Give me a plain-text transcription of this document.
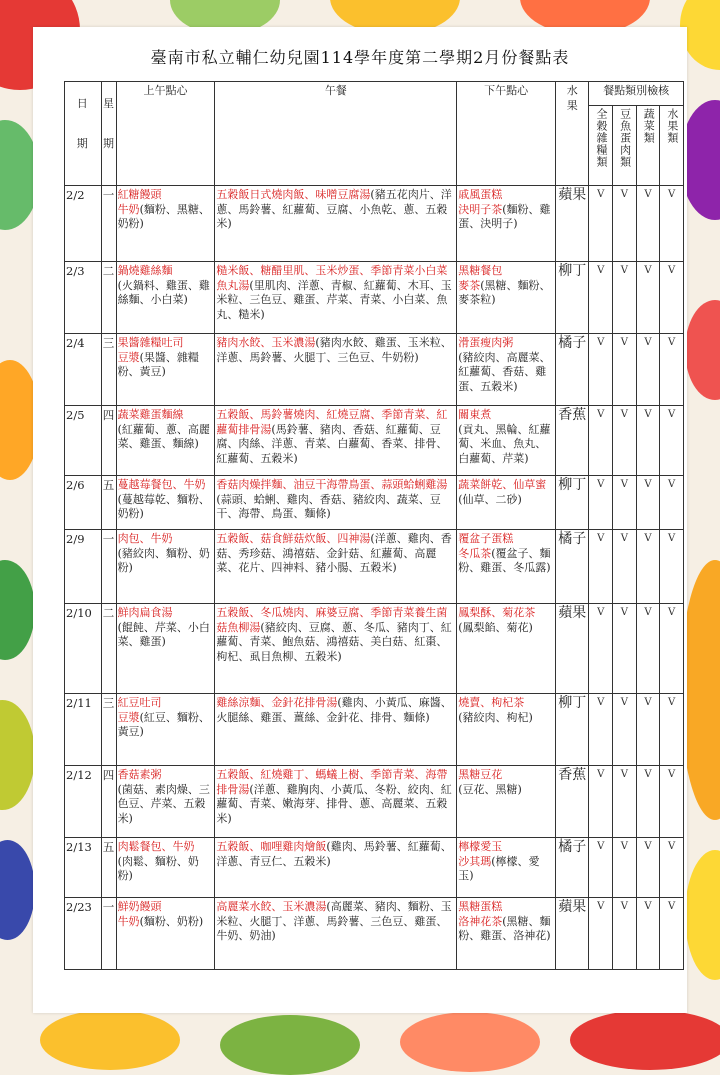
臺南市私立輔仁幼兒園114學年度第二學期2月份餐點表
日期	星期	上午點心	午餐	下午點心	水果	餐點類別檢核			
						全穀雜糧類	豆魚蛋肉類	蔬菜類	水果類
2/2	一	紅糖饅頭
牛奶(麵粉、黑糖、奶粉)	五穀飯日式燒肉飯、味噌豆腐湯(豬五花肉片、洋蔥、馬鈴薯、紅蘿蔔、豆腐、小魚乾、蔥、五穀米)	戚風蛋糕
決明子茶(麵粉、雞蛋、決明子)	蘋果	V	V	V	V
2/3	二	鍋燒雞絲麵
(火鍋料、雞蛋、雞絲麵、小白菜)	糙米飯、糖醋里肌、玉米炒蛋、季節青菜小白菜魚丸湯(里肌肉、洋蔥、青椒、紅蘿蔔、木耳、玉米粒、三色豆、雞蛋、芹菜、青菜、小白菜、魚丸、糙米)	黑糖餐包
麥茶(黑糖、麵粉、麥茶粒)	柳丁	V	V	V	V
2/4	三	果醬雜糧吐司
豆漿(果醬、雜糧粉、黃豆)	豬肉水餃、玉米濃湯(豬肉水餃、雞蛋、玉米粒、洋蔥、馬鈴薯、火腿丁、三色豆、牛奶粉)	滑蛋瘦肉粥
(豬絞肉、高麗菜、紅蘿蔔、香菇、雞蛋、五穀米)	橘子	V	V	V	V
2/5	四	蔬菜雞蛋麵線
(紅蘿蔔、蔥、高麗菜、雞蛋、麵線)	五穀飯、馬鈴薯燒肉、紅燒豆腐、季節青菜、紅蘿蔔排骨湯(馬鈴薯、豬肉、香菇、紅蘿蔔、豆腐、肉絲、洋蔥、青菜、白蘿蔔、香菜、排骨、紅蘿蔔、五穀米)	關東煮
(貢丸、黑輪、紅蘿蔔、米血、魚丸、白蘿蔔、芹菜)	香蕉	V	V	V	V
2/6	五	蔓越莓餐包、牛奶
(蔓越莓乾、麵粉、奶粉)	香菇肉燥拌麵、油豆干海帶鳥蛋、蒜頭蛤蜊雞湯(蒜頭、蛤蜊、雞肉、香菇、豬絞肉、蔬菜、豆干、海帶、鳥蛋、麵條)	蔬菜餅乾、仙草蜜
(仙草、二砂)	柳丁	V	V	V	V
2/9	一	肉包、牛奶
(豬絞肉、麵粉、奶粉)	五穀飯、菇食鮮菇炊飯、四神湯(洋蔥、雞肉、香菇、秀珍菇、鴻禧菇、金針菇、紅蘿蔔、高麗菜、花片、四神料、豬小腸、五穀米)	覆盆子蛋糕
冬瓜茶(覆盆子、麵粉、雞蛋、冬瓜露)	橘子	V	V	V	V
2/10	二	鮮肉扁食湯
(餛飩、芹菜、小白菜、雞蛋)	五穀飯、冬瓜燒肉、麻婆豆腐、季節青菜養生菌菇魚柳湯(豬絞肉、豆腐、蔥、冬瓜、豬肉丁、紅蘿蔔、青菜、鮑魚菇、鴻禧菇、美白菇、紅棗、枸杞、虱目魚柳、五穀米)	鳳梨酥、菊花茶
(鳳梨餡、菊花)	蘋果	V	V	V	V
2/11	三	紅豆吐司
豆漿(紅豆、麵粉、黃豆)	雞絲涼麵、金針花排骨湯(雞肉、小黃瓜、麻醬、火腿絲、雞蛋、薑絲、金針花、排骨、麵條)	燒賣、枸杞茶
(豬絞肉、枸杞)	柳丁	V	V	V	V
2/12	四	香菇素粥
(菌菇、素肉燥、三色豆、芹菜、五穀米)	五穀飯、紅燒雞丁、螞蟻上樹、季節青菜、海帶排骨湯(洋蔥、雞胸肉、小黃瓜、冬粉、絞肉、紅蘿蔔、青菜、嫩海芽、排骨、蔥、高麗菜、五穀米)	黑糖豆花
(豆花、黑糖)	香蕉	V	V	V	V
2/13	五	肉鬆餐包、牛奶
(肉鬆、麵粉、奶粉)	五穀飯、咖哩雞肉燴飯(雞肉、馬鈴薯、紅蘿蔔、洋蔥、青豆仁、五穀米)	檸檬愛玉
沙其瑪(檸檬、愛玉)	橘子	V	V	V	V
2/23	一	鮮奶饅頭
牛奶(麵粉、奶粉)	高麗菜水餃、玉米濃湯(高麗菜、豬肉、麵粉、玉米粒、火腿丁、洋蔥、馬鈴薯、三色豆、雞蛋、牛奶、奶油)	黑糖蛋糕
洛神花茶(黑糖、麵粉、雞蛋、洛神花)	蘋果	V	V	V	V
